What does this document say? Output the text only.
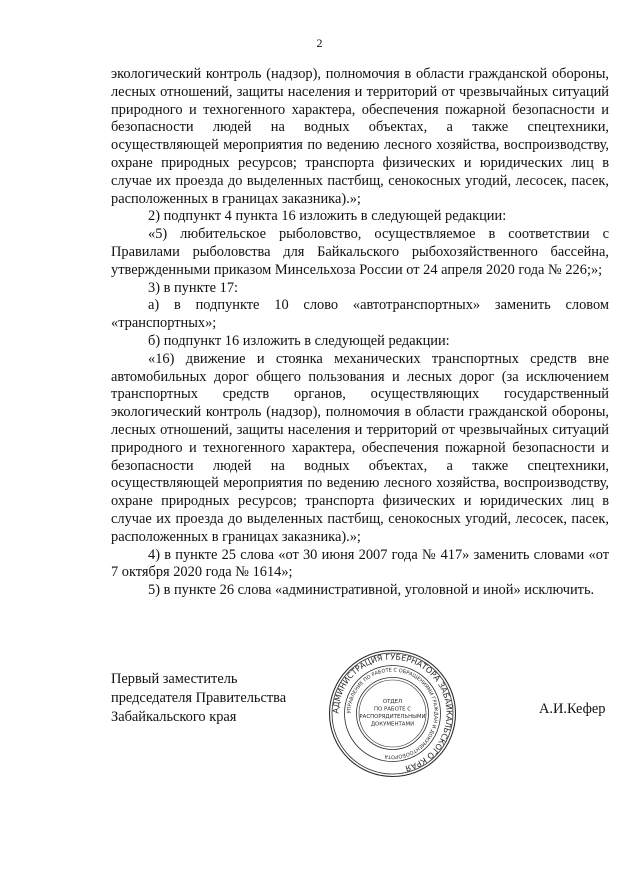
2

экологический контроль (надзор), полномочия в области гражданской обороны, лесных отношений, защиты населения и территорий от чрезвычайных ситуаций природного и техногенного характера, обеспечения пожарной безопасности и безопасности людей на водных объектах, а также спецтехники, осуществляющей мероприятия по ведению лесного хозяйства, воспроизводству, охране природных ресурсов; транспорта физических и юридических лиц в случае их проезда до выделенных пастбищ, сенокосных угодий, лесосек, пасек, расположенных в границах заказника).»;

2) подпункт 4 пункта 16 изложить в следующей редакции:

«5) любительское рыболовство, осуществляемое в соответствии с Правилами рыболовства для Байкальского рыбохозяйственного бассейна, утвержденными приказом Минсельхоза России от 24 апреля 2020 года № 226;»;

3) в пункте 17:

а) в подпункте 10 слово «автотранспортных» заменить словом «транспортных»;

б) подпункт 16 изложить в следующей редакции:

«16) движение и стоянка механических транспортных средств вне автомобильных дорог общего пользования и лесных дорог (за исключением транспортных средств органов, осуществляющих государственный экологический контроль (надзор), полномочия в области гражданской обороны, лесных отношений, защиты населения и территорий от чрезвычайных ситуаций природного и техногенного характера, обеспечения пожарной безопасности и безопасности людей на водных объектах, а также спецтехники, осуществляющей мероприятия по ведению лесного хозяйства, воспроизводству, охране природных ресурсов; транспорта физических и юридических лиц в случае их проезда до выделенных пастбищ, сенокосных угодий, лесосек, пасек, расположенных в границах заказника).»;

4) в пункте 25 слова «от 30 июня 2007 года № 417» заменить словами «от 7 октября 2020 года № 1614»;

5) в пункте 26 слова «административной, уголовной и иной» исключить.

Первый заместитель
председателя Правительства
Забайкальского края	А.И.Кефер
АДМИНИСТРАЦИЯ ГУБЕРНАТОРА ЗАБАЙКАЛЬСКОГО КРАЯ
УПРАВЛЕНИЕ ПО РАБОТЕ С ОБРАЩЕНИЯМИ ГРАЖДАН И ДОКУМЕНТООБОРОТА
ОТДЕЛ
ПО РАБОТЕ С
РАСПОРЯДИТЕЛЬНЫМИ
ДОКУМЕНТАМИ
